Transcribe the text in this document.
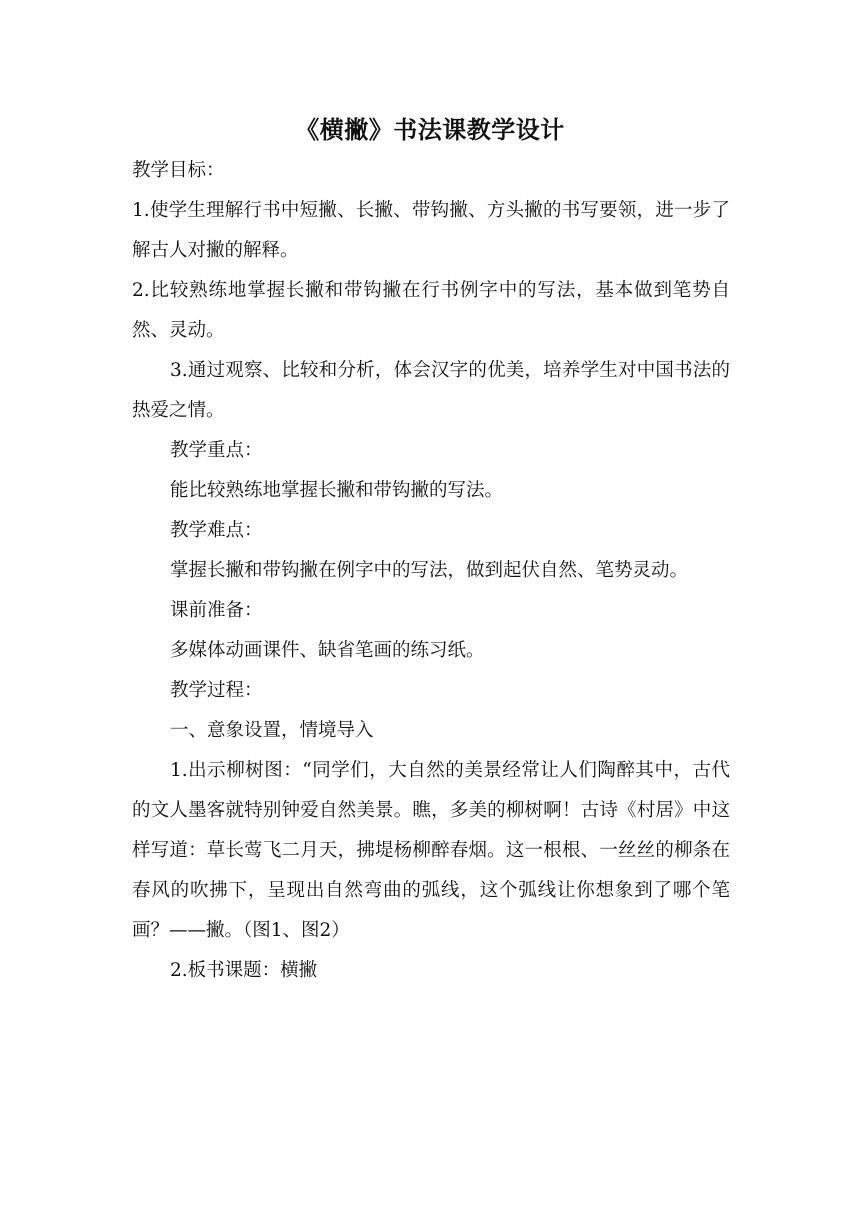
《横撇》书法课教学设计

教学目标：

1.使学生理解行书中短撇、长撇、带钩撇、方头撇的书写要领，进一步了解古人对撇的解释。

2.比较熟练地掌握长撇和带钩撇在行书例字中的写法，基本做到笔势自然、灵动。

3.通过观察、比较和分析，体会汉字的优美，培养学生对中国书法的热爱之情。

教学重点：

能比较熟练地掌握长撇和带钩撇的写法。

教学难点：

掌握长撇和带钩撇在例字中的写法，做到起伏自然、笔势灵动。

课前准备：

多媒体动画课件、缺省笔画的练习纸。

教学过程：

一、意象设置，情境导入

1.出示柳树图：“同学们，大自然的美景经常让人们陶醉其中，古代的文人墨客就特别钟爱自然美景。瞧，多美的柳树啊！古诗《村居》中这样写道：草长莺飞二月天，拂堤杨柳醉春烟。这一根根、一丝丝的柳条在春风的吹拂下，呈现出自然弯曲的弧线，这个弧线让你想象到了哪个笔画？——撇。（图1、图2）

2.板书课题：横撇
